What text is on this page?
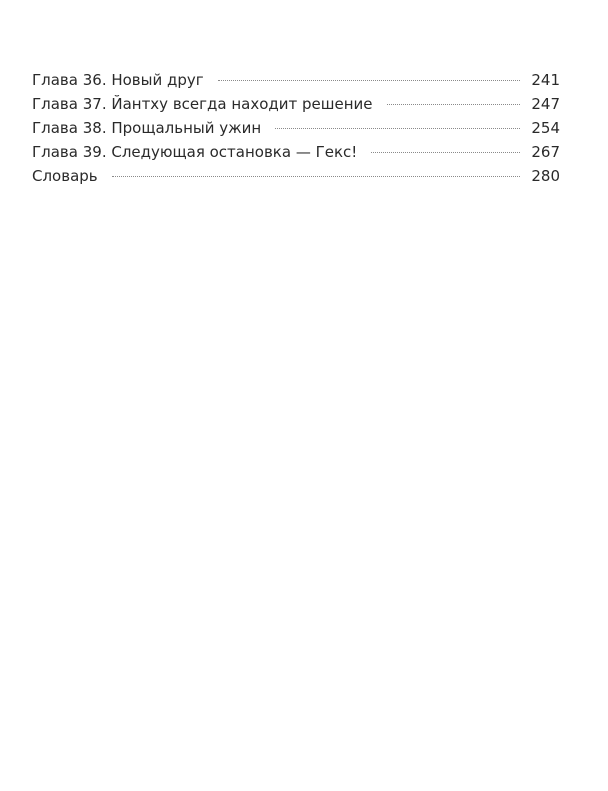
Глава 36. Новый друг	241
Глава 37. Йантху всегда находит решение	247
Глава 38. Прощальный ужин	254
Глава 39. Следующая остановка — Гекс!	267
Словарь	280
